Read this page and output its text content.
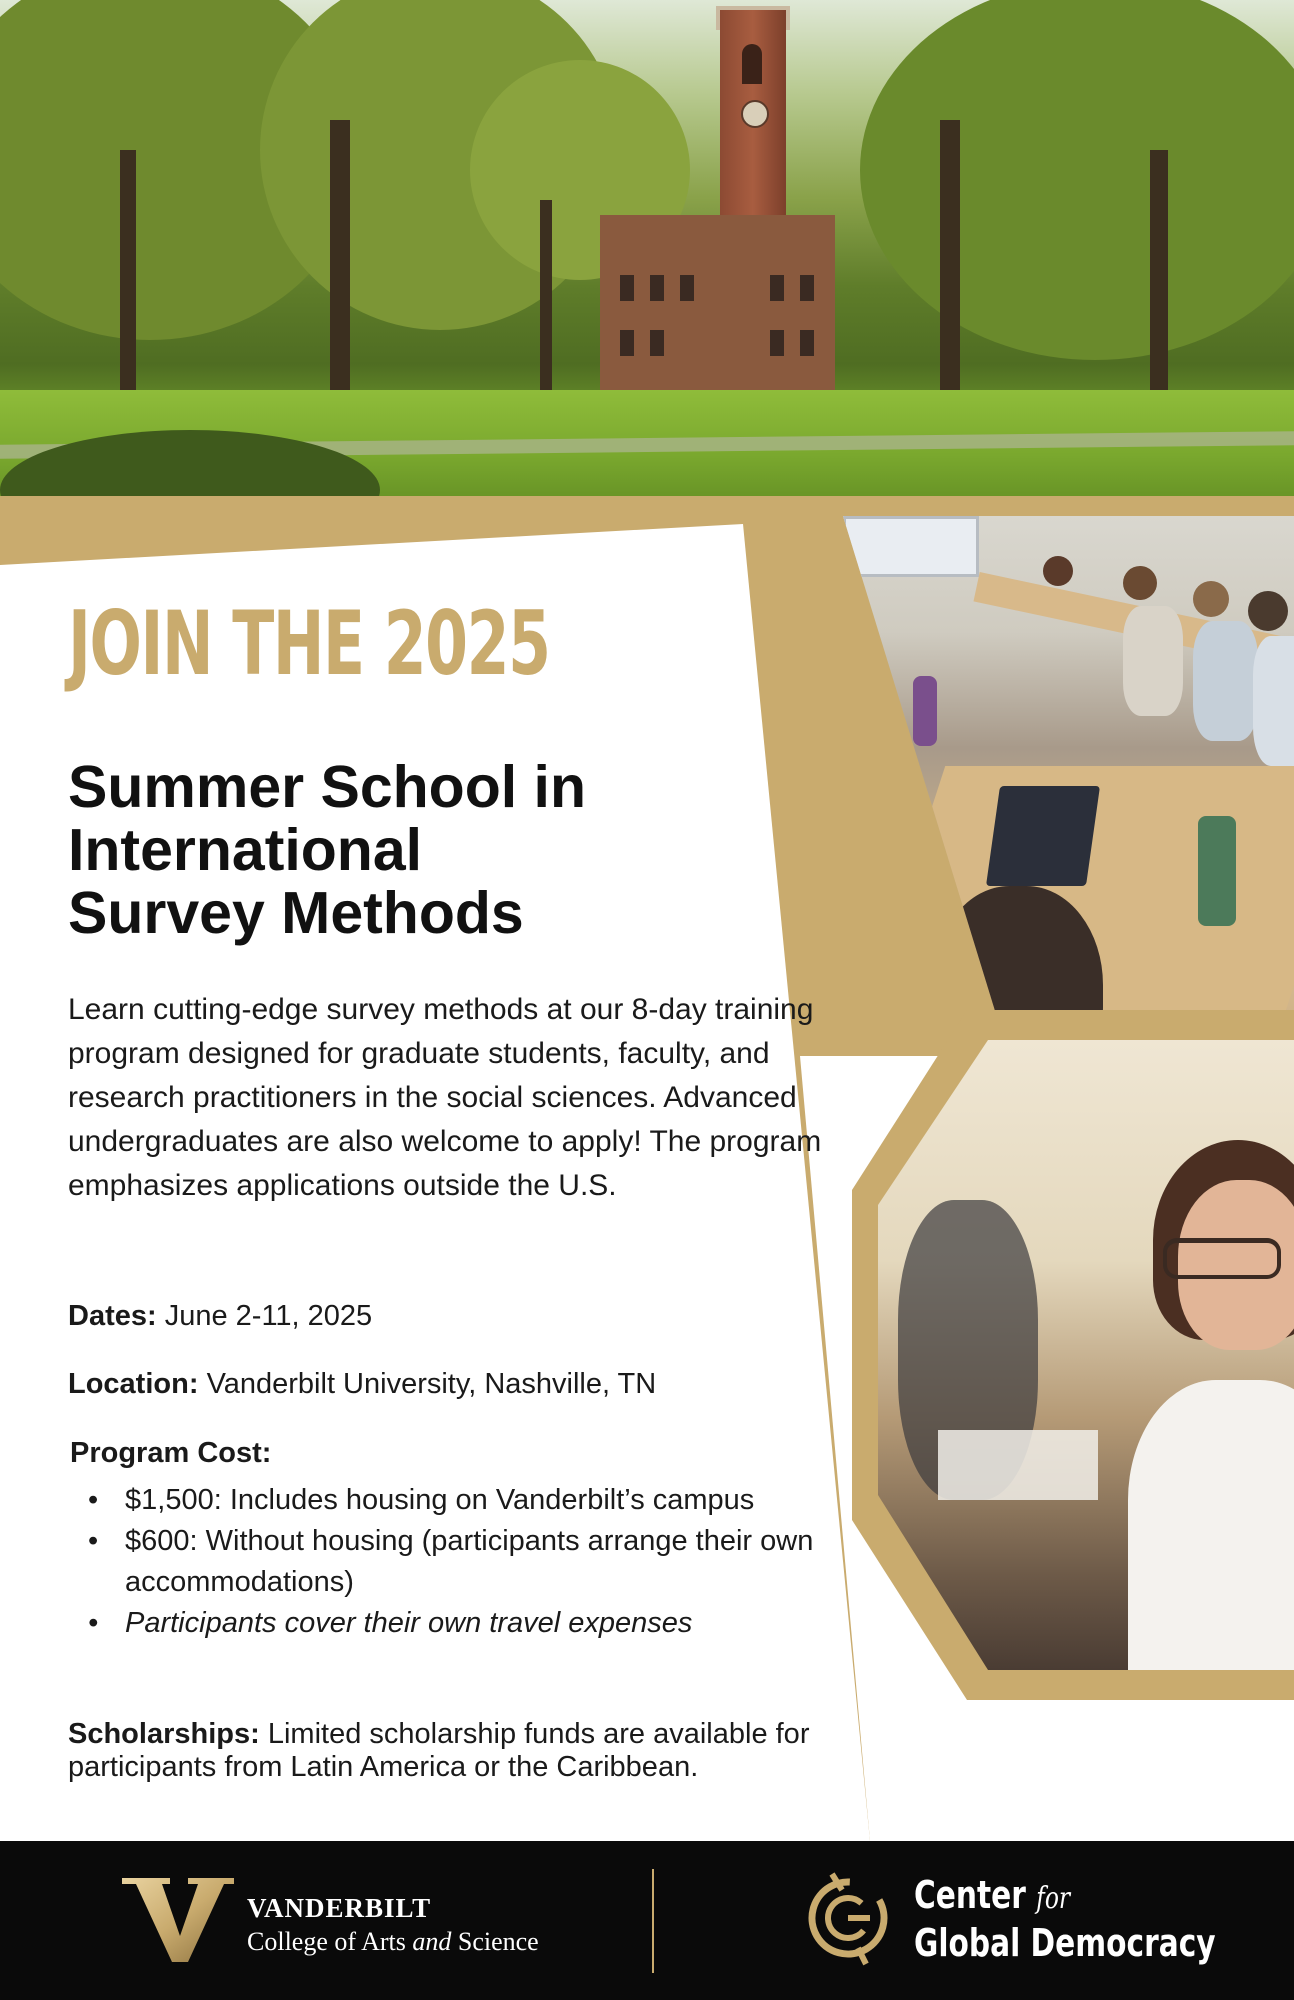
JOIN THE 2025
Summer School in
International
Survey Methods

Learn cutting-edge survey methods at our 8-day training program designed for graduate students, faculty, and research practitioners in the social sciences. Advanced undergraduates are also welcome to apply! The program emphasizes applications outside the U.S.

Dates: June 2-11, 2025

Location: Vanderbilt University, Nashville, TN

Program Cost:

• $1,500: Includes housing on Vanderbilt’s campus
• $600: Without housing (participants arrange their own accommodations)
• Participants cover their own travel expenses

Scholarships: Limited scholarship funds are available for participants from Latin America or the Caribbean.

VANDERBILT

College of Arts and Science

Center for

Global Democracy
